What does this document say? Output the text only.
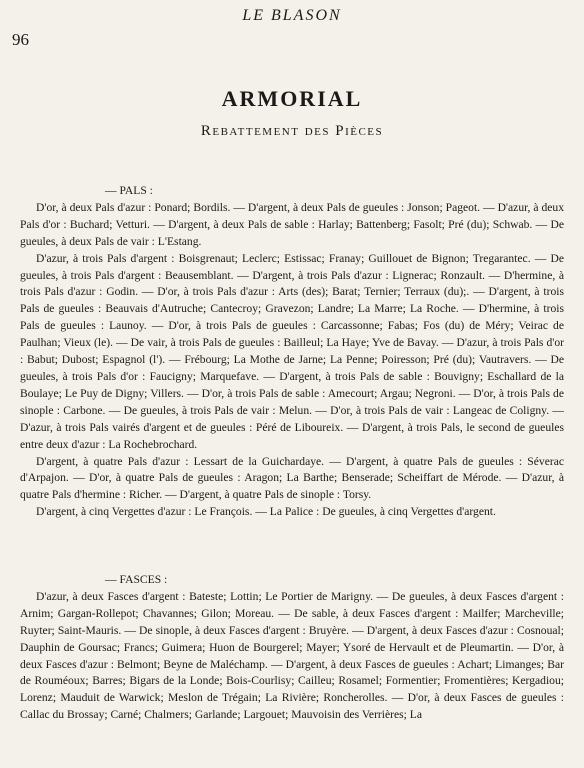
96
LE BLASON
ARMORIAL
Rebattement des Pièces

— PALS :

D'or, à deux Pals d'azur : Ponard; Bordils. — D'argent, à deux Pals de gueules : Jonson; Pageot. — D'azur, à deux Pals d'or : Buchard; Vetturi. — D'argent, à deux Pals de sable : Harlay; Battenberg; Fasolt; Pré (du); Schwab. — De gueules, à deux Pals de vair : L'Estang.

D'azur, à trois Pals d'argent : Boisgrenaut; Leclerc; Estissac; Franay; Guillouet de Bignon; Tregarantec. — De gueules, à trois Pals d'argent : Beausemblant. — D'argent, à trois Pals d'azur : Lignerac; Ronzault. — D'hermine, à trois Pals d'azur : Godin. — D'or, à trois Pals d'azur : Arts (des); Barat; Ternier; Terraux (du);. — D'argent, à trois Pals de gueules : Beauvais d'Autruche; Cantecroy; Gravezon; Landre; La Marre; La Roche. — D'hermine, à trois Pals de gueules : Launoy. — D'or, à trois Pals de gueules : Carcassonne; Fabas; Fos (du) de Méry; Veirac de Paulhan; Vieux (le). — De vair, à trois Pals de gueules : Bailleul; La Haye; Yve de Bavay. — D'azur, à trois Pals d'or : Babut; Dubost; Espagnol (l'). — Frébourg; La Mothe de Jarne; La Penne; Poiresson; Pré (du); Vautravers. — De gueules, à trois Pals d'or : Faucigny; Marquefave. — D'argent, à trois Pals de sable : Bouvigny; Eschallard de la Boulaye; Le Puy de Digny; Villers. — D'or, à trois Pals de sable : Amecourt; Argau; Negroni. — D'or, à trois Pals de sinople : Carbone. — De gueules, à trois Pals de vair : Melun. — D'or, à trois Pals de vair : Langeac de Coligny. — D'azur, à trois Pals vairés d'argent et de gueules : Péré de Liboureix. — D'argent, à trois Pals, le second de gueules entre deux d'azur : La Rochebrochard.

D'argent, à quatre Pals d'azur : Lessart de la Guichardaye. — D'argent, à quatre Pals de gueules : Séverac d'Arpajon. — D'or, à quatre Pals de gueules : Aragon; La Barthe; Benserade; Scheiffart de Mérode. — D'azur, à quatre Pals d'hermine : Richer. — D'argent, à quatre Pals de sinople : Torsy.

D'argent, à cinq Vergettes d'azur : Le François. — La Palice : De gueules, à cinq Vergettes d'argent.

— FASCES :

D'azur, à deux Fasces d'argent : Bateste; Lottin; Le Portier de Marigny. — De gueules, à deux Fasces d'argent : Arnim; Gargan-Rollepot; Chavannes; Gilon; Moreau. — De sable, à deux Fasces d'argent : Mailfer; Marcheville; Ruyter; Saint-Mauris. — De sinople, à deux Fasces d'argent : Bruyère. — D'argent, à deux Fasces d'azur : Cosnoual; Dauphin de Goursac; Francs; Guimera; Huon de Bourgerel; Mayer; Ysoré de Hervault et de Pleumartin. — D'or, à deux Fasces d'azur : Belmont; Beyne de Maléchamp. — D'argent, à deux Fasces de gueules : Achart; Limanges; Bar de Rouméoux; Barres; Bigars de la Londe; Bois-Courlisy; Cailleu; Rosamel; Formentier; Fromentières; Kergadiou; Lorenz; Mauduit de Warwick; Meslon de Trégain; La Rivière; Roncherolles. — D'or, à deux Fasces de gueules : Callac du Brossay; Carné; Chalmers; Garlande; Largouet; Mauvoisin des Verrières; La
